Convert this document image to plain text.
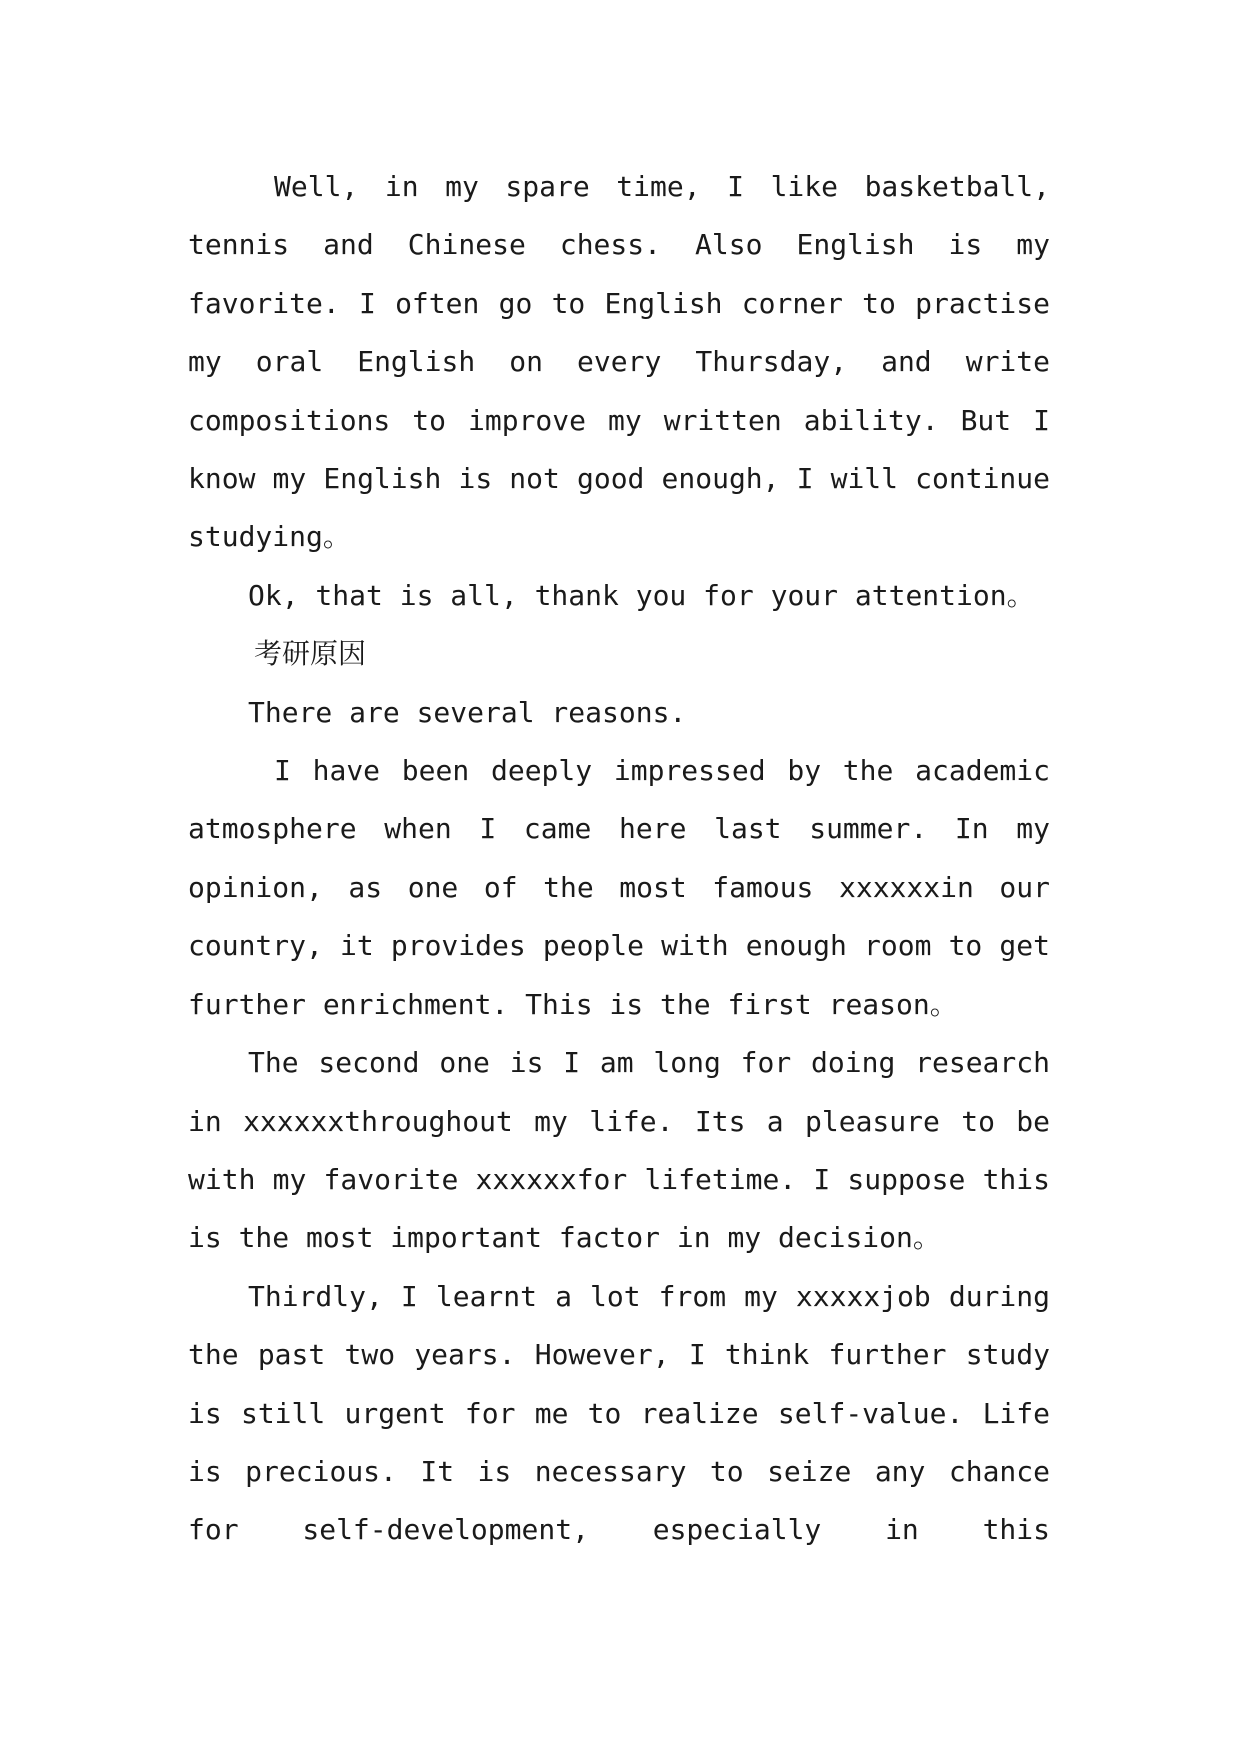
Well, in my spare time, I like basketball, tennis and Chinese chess. Also English is my favorite. I often go to English corner to practise my oral English on every Thursday, and write compositions to improve my written ability. But I know my English is not good enough, I will continue studying。

Ok, that is all, thank you for your attention。

考研原因

There are several reasons.

I have been deeply impressed by the academic atmosphere when I came here last summer. In my opinion, as one of the most famous xxxxxxin our country, it provides people with enough room to get further enrichment. This is the first reason。

The second one is I am long for doing research in xxxxxxthroughout my life. Its a pleasure to be with my favorite xxxxxxfor lifetime. I suppose this is the most important factor in my decision。

Thirdly, I learnt a lot from my xxxxxjob during the past two years. However, I think further study is still urgent for me to realize self-value. Life is precious. It is necessary to seize any chance for self-development, especially in this
